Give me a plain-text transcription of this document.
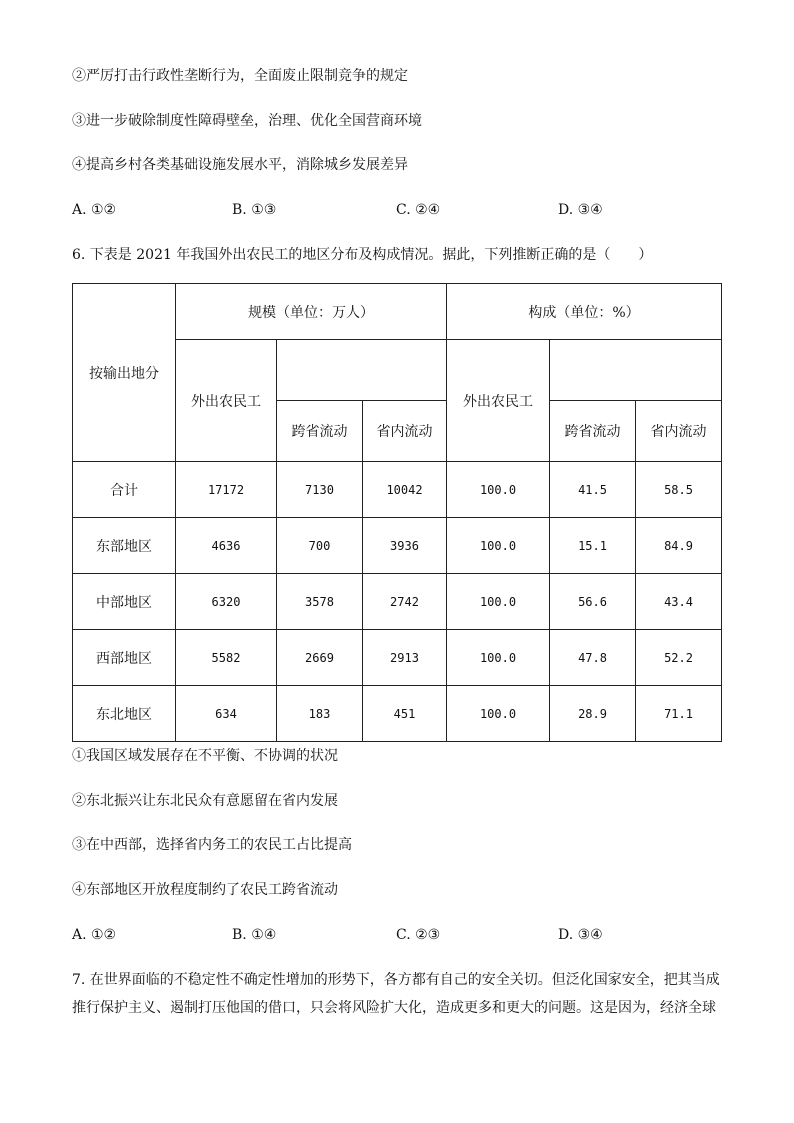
②严厉打击行政性垄断行为，全面废止限制竞争的规定
③进一步破除制度性障碍壁垒，治理、优化全国营商环境
④提高乡村各类基础设施发展水平，消除城乡发展差异
A. ①②	B. ①③	C. ②④	D. ③④
6. 下表是 2021 年我国外出农民工的地区分布及构成情况。据此，下列推断正确的是（　　）
按输出地分	规模（单位：万人）			构成（单位：%）		
	外出农民工			外出农民工		
		跨省流动	省内流动		跨省流动	省内流动
合计	17172	7130	10042	100.0	41.5	58.5
东部地区	4636	700	3936	100.0	15.1	84.9
中部地区	6320	3578	2742	100.0	56.6	43.4
西部地区	5582	2669	2913	100.0	47.8	52.2
东北地区	634	183	451	100.0	28.9	71.1
①我国区域发展存在不平衡、不协调的状况
②东北振兴让东北民众有意愿留在省内发展
③在中西部，选择省内务工的农民工占比提高
④东部地区开放程度制约了农民工跨省流动
A. ①②	B. ①④	C. ②③	D. ③④
7. 在世界面临的不稳定性不确定性增加的形势下，各方都有自己的安全关切。但泛化国家安全，把其当成推行保护主义、遏制打压他国的借口，只会将风险扩大化，造成更多和更大的问题。这是因为，经济全球
